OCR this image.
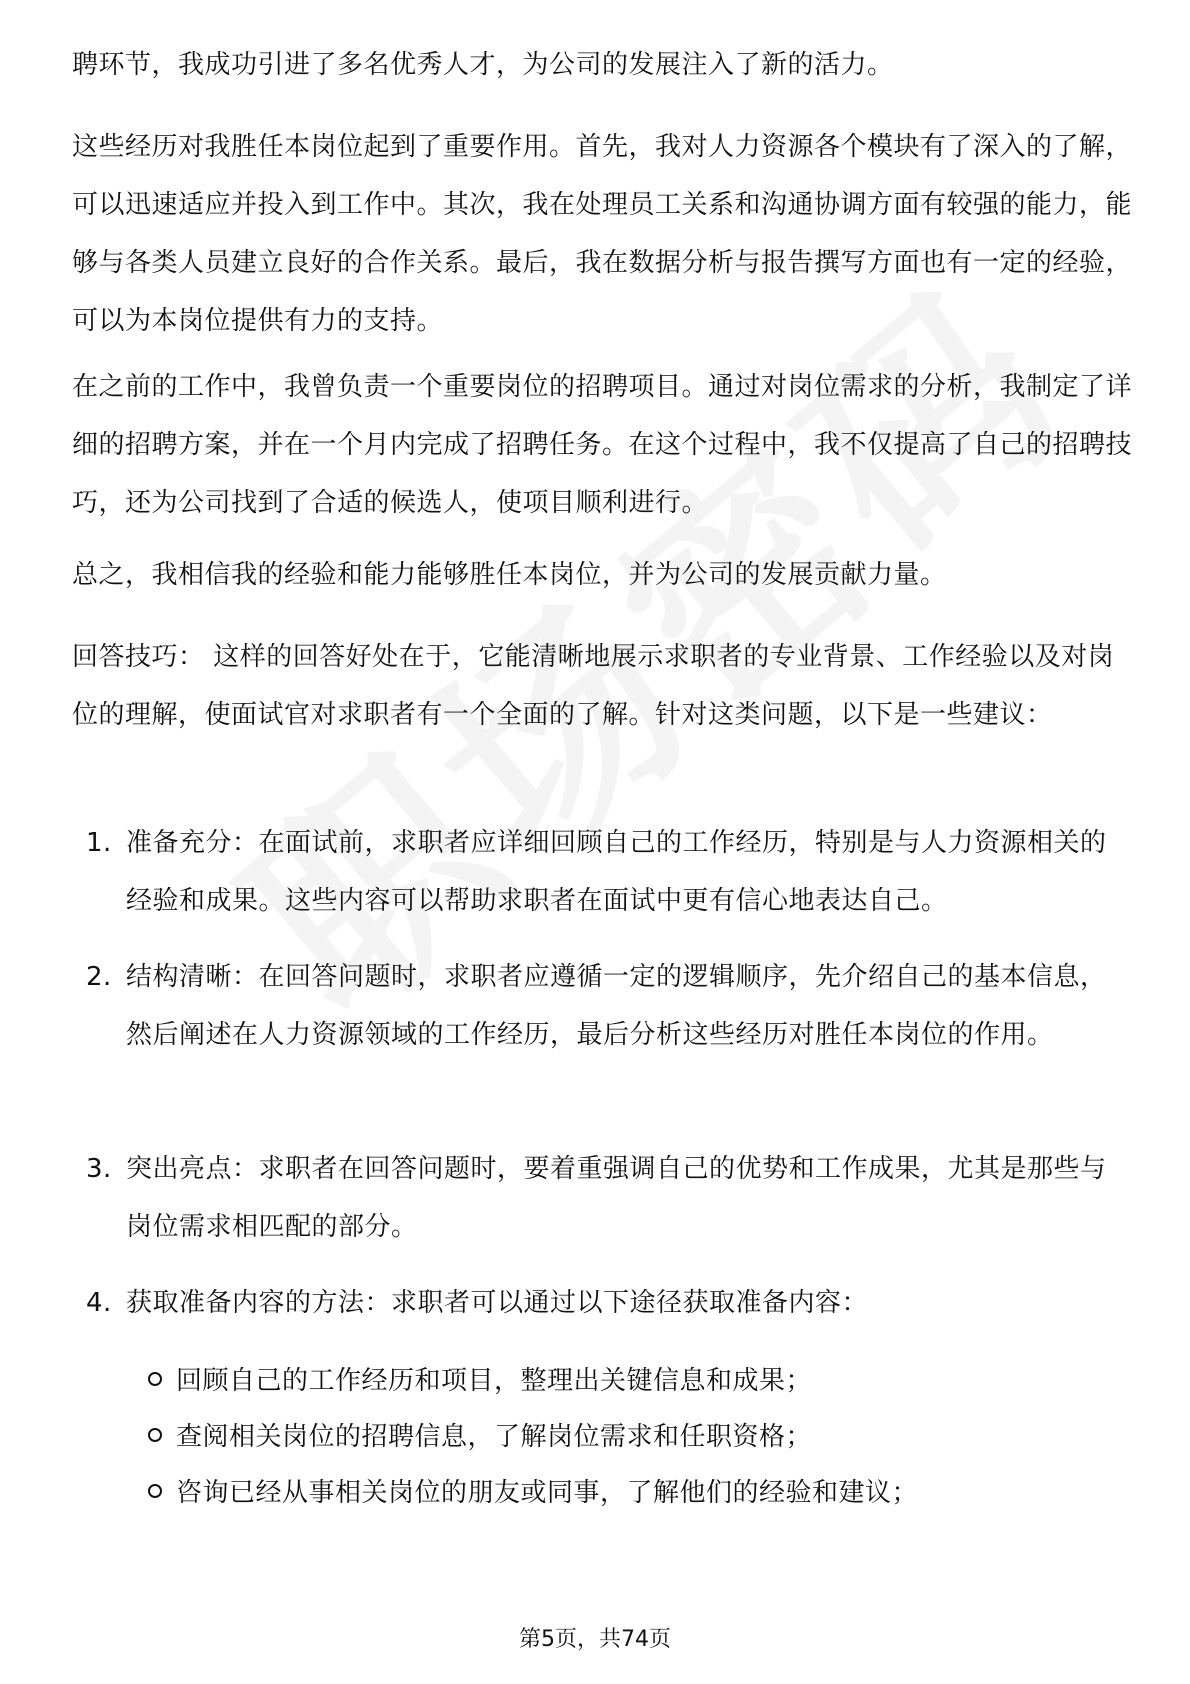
聘环节，我成功引进了多名优秀人才，为公司的发展注入了新的活力。

这些经历对我胜任本岗位起到了重要作用。首先，我对人力资源各个模块有了深入的了解，可以迅速适应并投入到工作中。其次，我在处理员工关系和沟通协调方面有较强的能力，能够与各类人员建立良好的合作关系。最后，我在数据分析与报告撰写方面也有一定的经验，可以为本岗位提供有力的支持。

在之前的工作中，我曾负责一个重要岗位的招聘项目。通过对岗位需求的分析，我制定了详细的招聘方案，并在一个月内完成了招聘任务。在这个过程中，我不仅提高了自己的招聘技巧，还为公司找到了合适的候选人，使项目顺利进行。

总之，我相信我的经验和能力能够胜任本岗位，并为公司的发展贡献力量。

回答技巧： 这样的回答好处在于，它能清晰地展示求职者的专业背景、工作经验以及对岗位的理解，使面试官对求职者有一个全面的了解。针对这类问题，以下是一些建议：

1. 准备充分：在面试前，求职者应详细回顾自己的工作经历，特别是与人力资源相关的经验和成果。这些内容可以帮助求职者在面试中更有信心地表达自己。
2. 结构清晰：在回答问题时，求职者应遵循一定的逻辑顺序，先介绍自己的基本信息，然后阐述在人力资源领域的工作经历，最后分析这些经历对胜任本岗位的作用。
3. 突出亮点：求职者在回答问题时，要着重强调自己的优势和工作成果，尤其是那些与岗位需求相匹配的部分。
4. 获取准备内容的方法：求职者可以通过以下途径获取准备内容：
回顾自己的工作经历和项目，整理出关键信息和成果；
查阅相关岗位的招聘信息，了解岗位需求和任职资格；
咨询已经从事相关岗位的朋友或同事，了解他们的经验和建议；
第5页，共74页
